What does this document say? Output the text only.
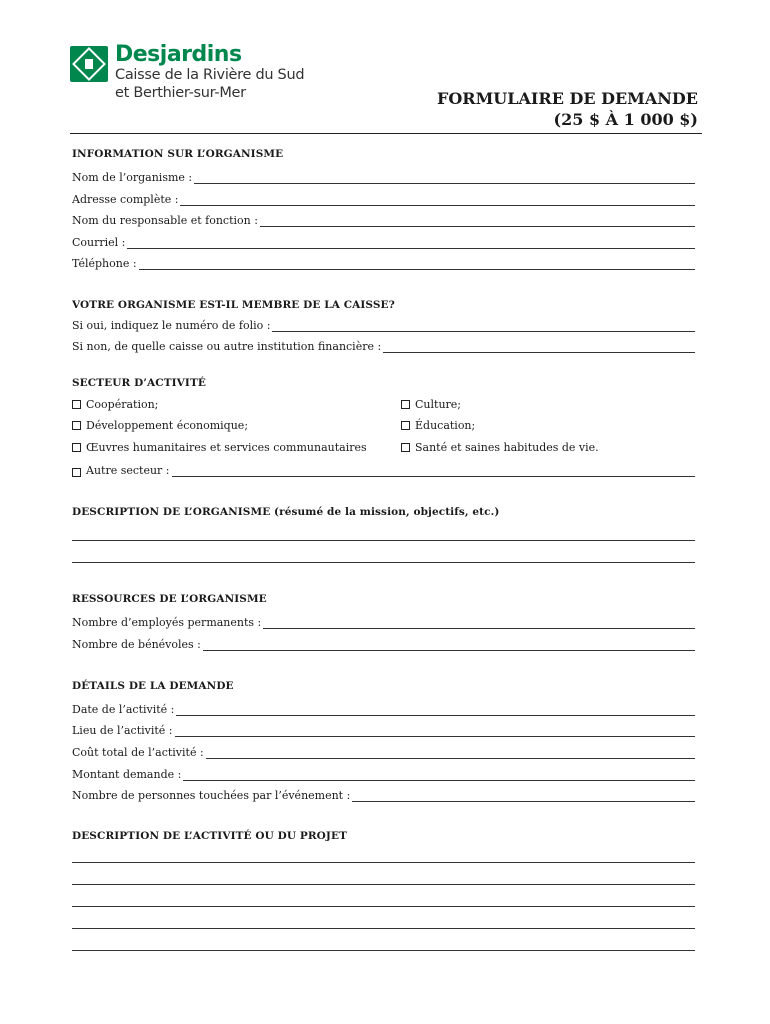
Desjardins
Caisse de la Rivière du Sud
et Berthier-sur-Mer	FORMULAIRE DE DEMANDE
(25 $ À 1 000 $)
INFORMATION SUR L’ORGANISME
Nom de l’organisme :
Adresse complète :
Nom du responsable et fonction :
Courriel :
Téléphone :
VOTRE ORGANISME EST-IL MEMBRE DE LA CAISSE?
Si oui, indiquez le numéro de folio :
Si non, de quelle caisse ou autre institution financière :
SECTEUR D’ACTIVITÉ
Coopération;
Développement économique;
Œuvres humanitaires et services communautaires
Culture;
Éducation;
Santé et saines habitudes de vie.
Autre secteur :
DESCRIPTION DE L’ORGANISME (résumé de la mission, objectifs, etc.)
RESSOURCES DE L’ORGANISME
Nombre d’employés permanents :
Nombre de bénévoles :
DÉTAILS DE LA DEMANDE
Date de l’activité :
Lieu de l’activité :
Coût total de l’activité :
Montant demande :
Nombre de personnes touchées par l’événement :
DESCRIPTION DE L’ACTIVITÉ OU DU PROJET
